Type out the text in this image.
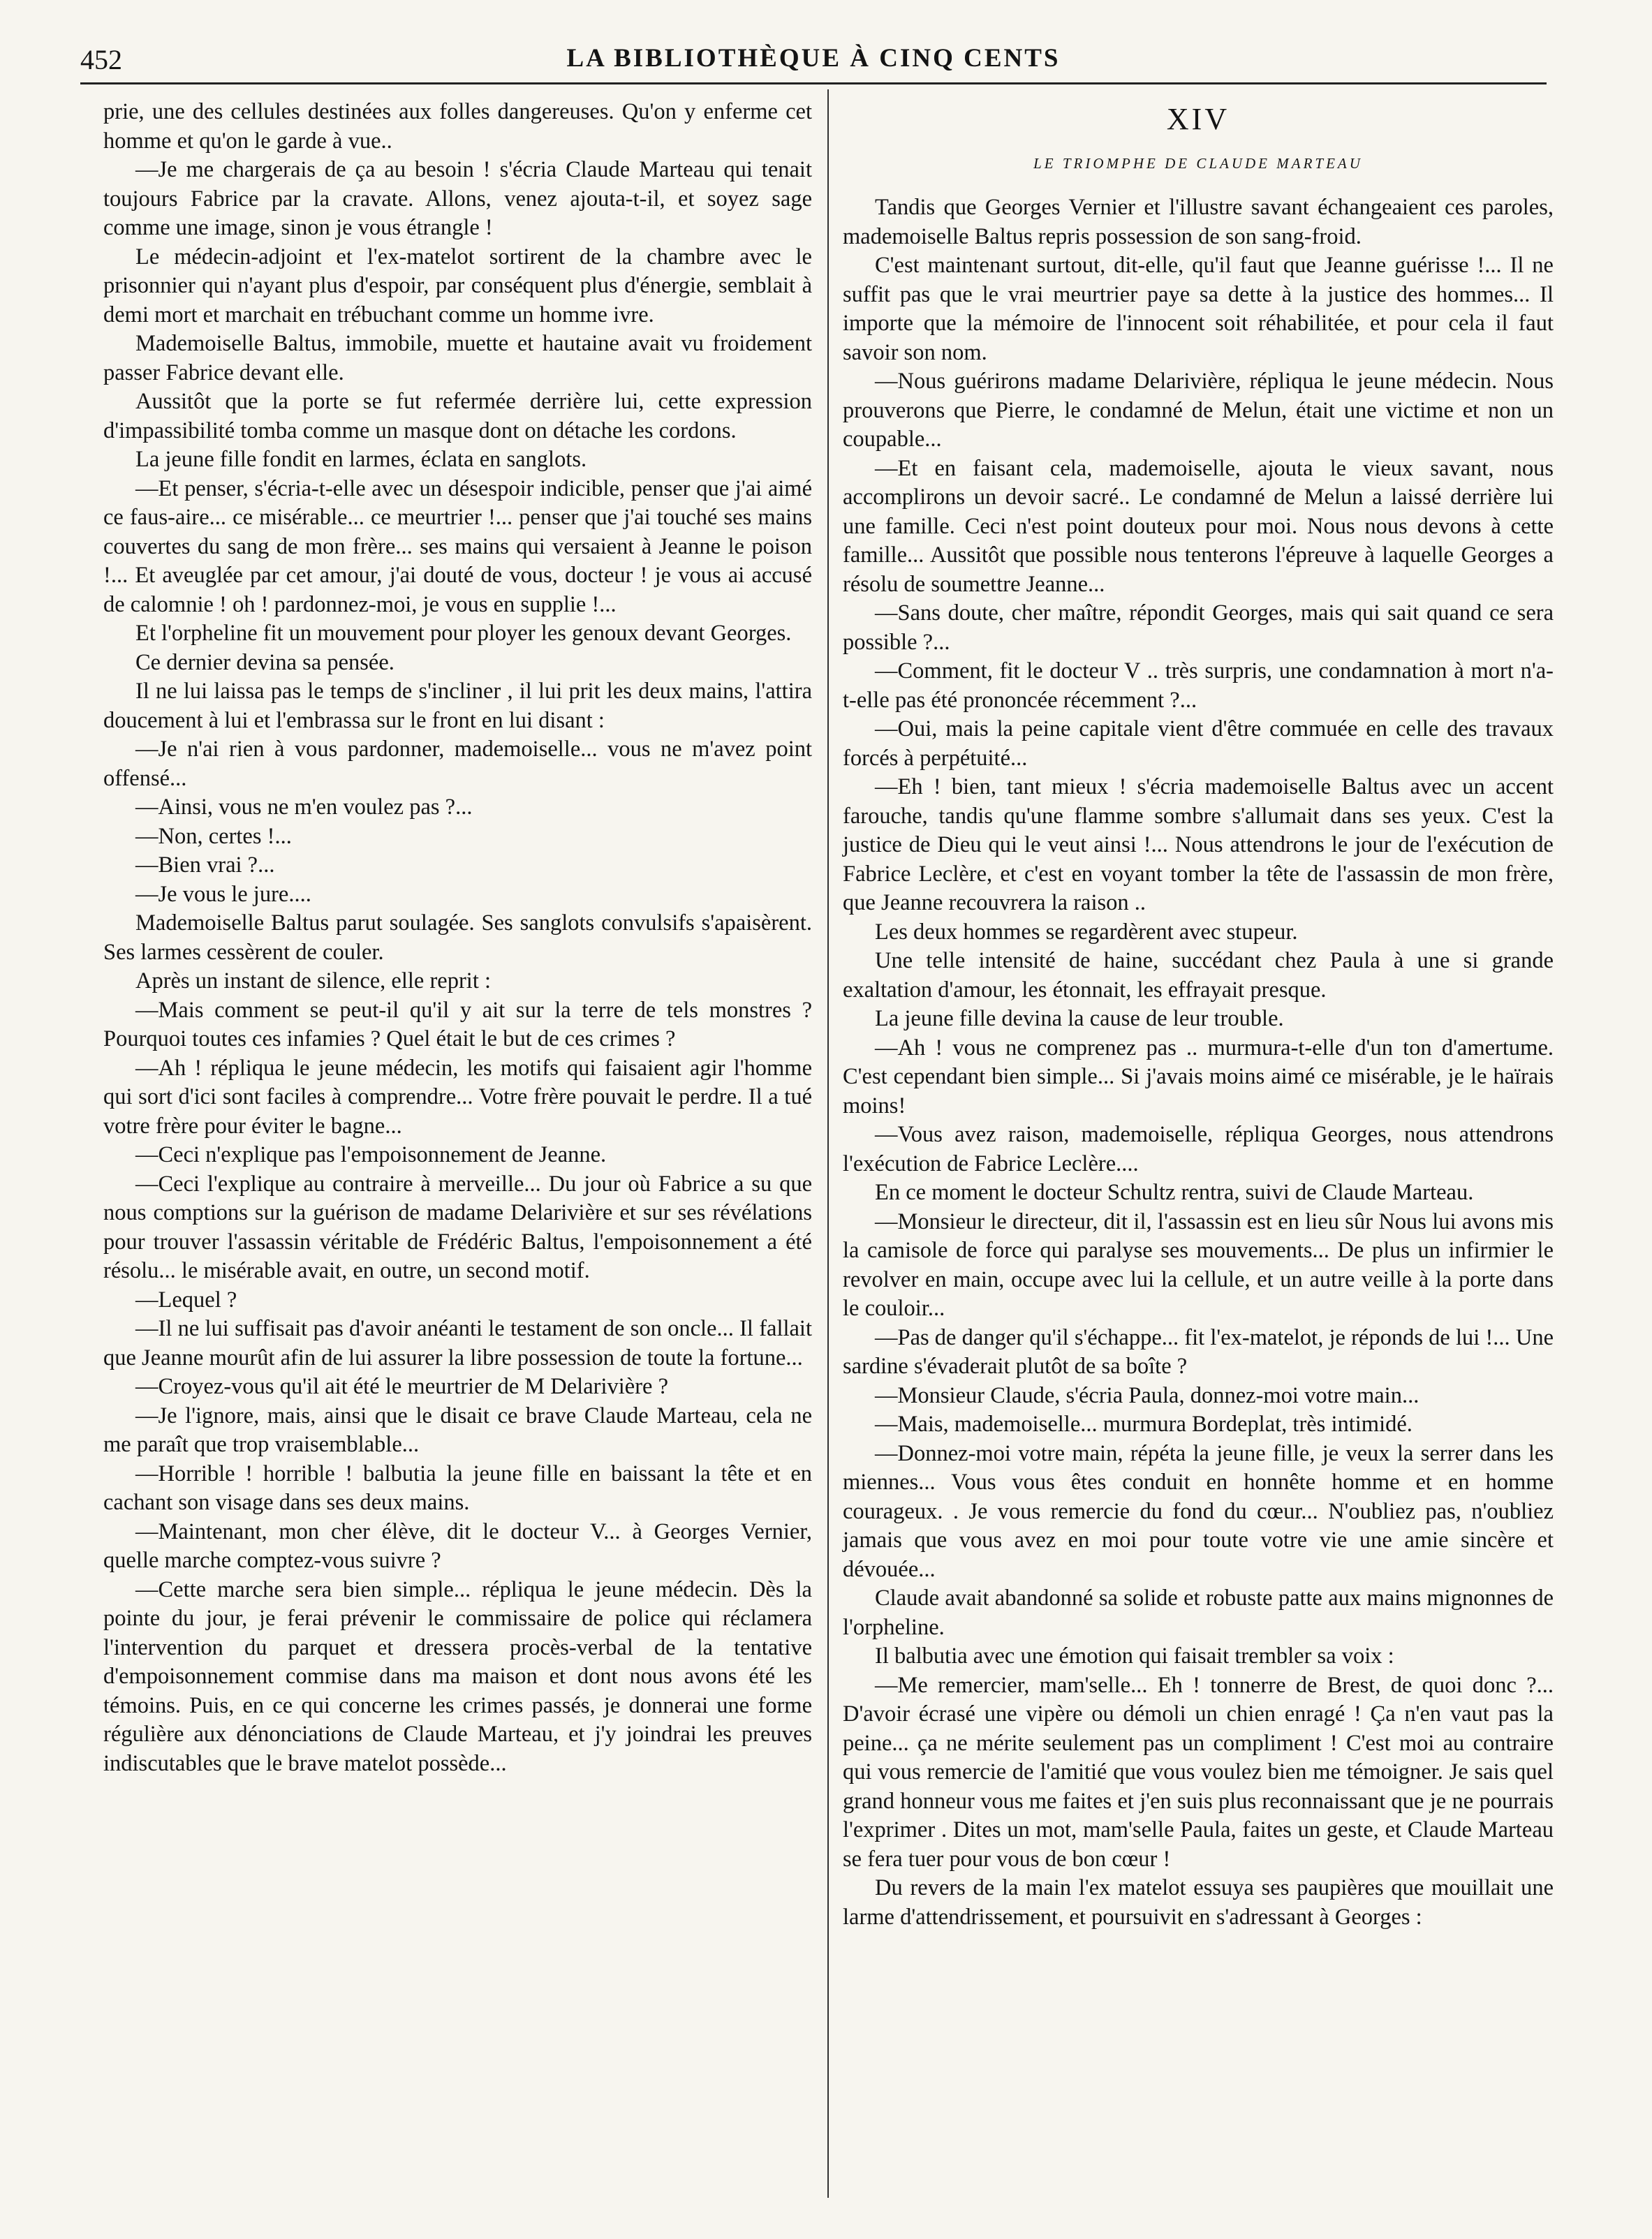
452	LA BIBLIOTHÈQUE À CINQ CENTS

prie, une des cellules destinées aux folles dangereuses. Qu'on y enferme cet homme et qu'on le garde à vue..

—Je me chargerais de ça au besoin ! s'écria Claude Marteau qui tenait toujours Fabrice par la cravate. Allons, venez ajouta-t-il, et soyez sage comme une image, sinon je vous étrangle !

Le médecin-adjoint et l'ex-matelot sortirent de la chambre avec le prisonnier qui n'ayant plus d'espoir, par conséquent plus d'énergie, semblait à demi mort et marchait en trébuchant comme un homme ivre.

Mademoiselle Baltus, immobile, muette et hautaine avait vu froidement passer Fabrice devant elle.

Aussitôt que la porte se fut refermée derrière lui, cette expression d'impassibilité tomba comme un masque dont on détache les cordons.

La jeune fille fondit en larmes, éclata en sanglots.

—Et penser, s'écria-t-elle avec un désespoir indicible, penser que j'ai aimé ce faus-aire... ce misérable... ce meurtrier !... penser que j'ai touché ses mains couvertes du sang de mon frère... ses mains qui versaient à Jeanne le poison !... Et aveuglée par cet amour, j'ai douté de vous, docteur ! je vous ai accusé de calomnie ! oh ! pardonnez-moi, je vous en supplie !...

Et l'orpheline fit un mouvement pour ployer les genoux devant Georges.

Ce dernier devina sa pensée.

Il ne lui laissa pas le temps de s'incliner , il lui prit les deux mains, l'attira doucement à lui et l'embrassa sur le front en lui disant :

—Je n'ai rien à vous pardonner, mademoiselle... vous ne m'avez point offensé...

—Ainsi, vous ne m'en voulez pas ?...

—Non, certes !...

—Bien vrai ?...

—Je vous le jure....

Mademoiselle Baltus parut soulagée. Ses sanglots convulsifs s'apaisèrent. Ses larmes cessèrent de couler.

Après un instant de silence, elle reprit :

—Mais comment se peut-il qu'il y ait sur la terre de tels monstres ? Pourquoi toutes ces infamies ? Quel était le but de ces crimes ?

—Ah ! répliqua le jeune médecin, les motifs qui faisaient agir l'homme qui sort d'ici sont faciles à comprendre... Votre frère pouvait le perdre. Il a tué votre frère pour éviter le bagne...

—Ceci n'explique pas l'empoisonnement de Jeanne.

—Ceci l'explique au contraire à merveille... Du jour où Fabrice a su que nous comptions sur la guérison de madame Delarivière et sur ses révélations pour trouver l'assassin véritable de Frédéric Baltus, l'empoisonnement a été résolu... le misérable avait, en outre, un second motif.

—Lequel ?

—Il ne lui suffisait pas d'avoir anéanti le testament de son oncle... Il fallait que Jeanne mourût afin de lui assurer la libre possession de toute la fortune...

—Croyez-vous qu'il ait été le meurtrier de M Delarivière ?

—Je l'ignore, mais, ainsi que le disait ce brave Claude Marteau, cela ne me paraît que trop vraisemblable...

—Horrible ! horrible ! balbutia la jeune fille en baissant la tête et en cachant son visage dans ses deux mains.

—Maintenant, mon cher élève, dit le docteur V... à Georges Vernier, quelle marche comptez-vous suivre ?

—Cette marche sera bien simple... répliqua le jeune médecin. Dès la pointe du jour, je ferai prévenir le commissaire de police qui réclamera l'intervention du parquet et dressera procès-verbal de la tentative d'empoisonnement commise dans ma maison et dont nous avons été les témoins. Puis, en ce qui concerne les crimes passés, je donnerai une forme régulière aux dénonciations de Claude Marteau, et j'y joindrai les preuves indiscutables que le brave matelot possède...

XIV
LE TRIOMPHE DE CLAUDE MARTEAU

Tandis que Georges Vernier et l'illustre savant échangeaient ces paroles, mademoiselle Baltus repris possession de son sang-froid.

C'est maintenant surtout, dit-elle, qu'il faut que Jeanne guérisse !... Il ne suffit pas que le vrai meurtrier paye sa dette à la justice des hommes... Il importe que la mémoire de l'innocent soit réhabilitée, et pour cela il faut savoir son nom.

—Nous guérirons madame Delarivière, répliqua le jeune médecin. Nous prouverons que Pierre, le condamné de Melun, était une victime et non un coupable...

—Et en faisant cela, mademoiselle, ajouta le vieux savant, nous accomplirons un devoir sacré.. Le condamné de Melun a laissé derrière lui une famille. Ceci n'est point douteux pour moi. Nous nous devons à cette famille... Aussitôt que possible nous tenterons l'épreuve à laquelle Georges a résolu de soumettre Jeanne...

—Sans doute, cher maître, répondit Georges, mais qui sait quand ce sera possible ?...

—Comment, fit le docteur V .. très surpris, une condamnation à mort n'a-t-elle pas été prononcée récemment ?...

—Oui, mais la peine capitale vient d'être commuée en celle des travaux forcés à perpétuité...

—Eh ! bien, tant mieux ! s'écria mademoiselle Baltus avec un accent farouche, tandis qu'une flamme sombre s'allumait dans ses yeux. C'est la justice de Dieu qui le veut ainsi !... Nous attendrons le jour de l'exécution de Fabrice Leclère, et c'est en voyant tomber la tête de l'assassin de mon frère, que Jeanne recouvrera la raison ..

Les deux hommes se regardèrent avec stupeur.

Une telle intensité de haine, succédant chez Paula à une si grande exaltation d'amour, les étonnait, les effrayait presque.

La jeune fille devina la cause de leur trouble.

—Ah ! vous ne comprenez pas .. murmura-t-elle d'un ton d'amertume. C'est cependant bien simple... Si j'avais moins aimé ce misérable, je le haïrais moins!

—Vous avez raison, mademoiselle, répliqua Georges, nous attendrons l'exécution de Fabrice Leclère....

En ce moment le docteur Schultz rentra, suivi de Claude Marteau.

—Monsieur le directeur, dit il, l'assassin est en lieu sûr Nous lui avons mis la camisole de force qui paralyse ses mouvements... De plus un infirmier le revolver en main, occupe avec lui la cellule, et un autre veille à la porte dans le couloir...

—Pas de danger qu'il s'échappe... fit l'ex-matelot, je réponds de lui !... Une sardine s'évaderait plutôt de sa boîte ?

—Monsieur Claude, s'écria Paula, donnez-moi votre main...

—Mais, mademoiselle... murmura Bordeplat, très intimidé.

—Donnez-moi votre main, répéta la jeune fille, je veux la serrer dans les miennes... Vous vous êtes conduit en honnête homme et en homme courageux. . Je vous remercie du fond du cœur... N'oubliez pas, n'oubliez jamais que vous avez en moi pour toute votre vie une amie sincère et dévouée...

Claude avait abandonné sa solide et robuste patte aux mains mignonnes de l'orpheline.

Il balbutia avec une émotion qui faisait trembler sa voix :

—Me remercier, mam'selle... Eh ! tonnerre de Brest, de quoi donc ?... D'avoir écrasé une vipère ou démoli un chien enragé ! Ça n'en vaut pas la peine... ça ne mérite seulement pas un compliment ! C'est moi au contraire qui vous remercie de l'amitié que vous voulez bien me témoigner. Je sais quel grand honneur vous me faites et j'en suis plus reconnaissant que je ne pourrais l'exprimer . Dites un mot, mam'selle Paula, faites un geste, et Claude Marteau se fera tuer pour vous de bon cœur !

Du revers de la main l'ex matelot essuya ses paupières que mouillait une larme d'attendrissement, et poursuivit en s'adressant à Georges :
